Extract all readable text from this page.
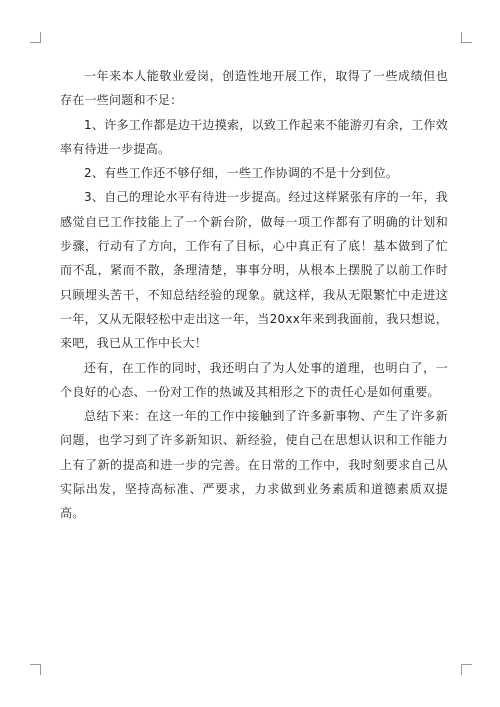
一年来本人能敬业爱岗，创造性地开展工作，取得了一些成绩但也存在一些问题和不足：

1、许多工作都是边干边摸索，以致工作起来不能游刃有余，工作效率有待进一步提高。

2、有些工作还不够仔细，一些工作协调的不是十分到位。

3、自己的理论水平有待进一步提高。经过这样紧张有序的一年，我感觉自已工作技能上了一个新台阶，做每一项工作都有了明确的计划和步骤，行动有了方向，工作有了目标，心中真正有了底！基本做到了忙而不乱，紧而不散，条理清楚，事事分明，从根本上摆脱了以前工作时只顾埋头苦干，不知总结经验的现象。就这样，我从无限繁忙中走进这一年，又从无限轻松中走出这一年，当20xx年来到我面前，我只想说，来吧，我已从工作中长大！

还有，在工作的同时，我还明白了为人处事的道理，也明白了，一个良好的心态、一份对工作的热诚及其相形之下的责任心是如何重要。

总结下来：在这一年的工作中接触到了许多新事物、产生了许多新问题，也学习到了许多新知识、新经验，使自己在思想认识和工作能力上有了新的提高和进一步的完善。在日常的工作中，我时刻要求自己从实际出发，坚持高标准、严要求，力求做到业务素质和道德素质双提高。
